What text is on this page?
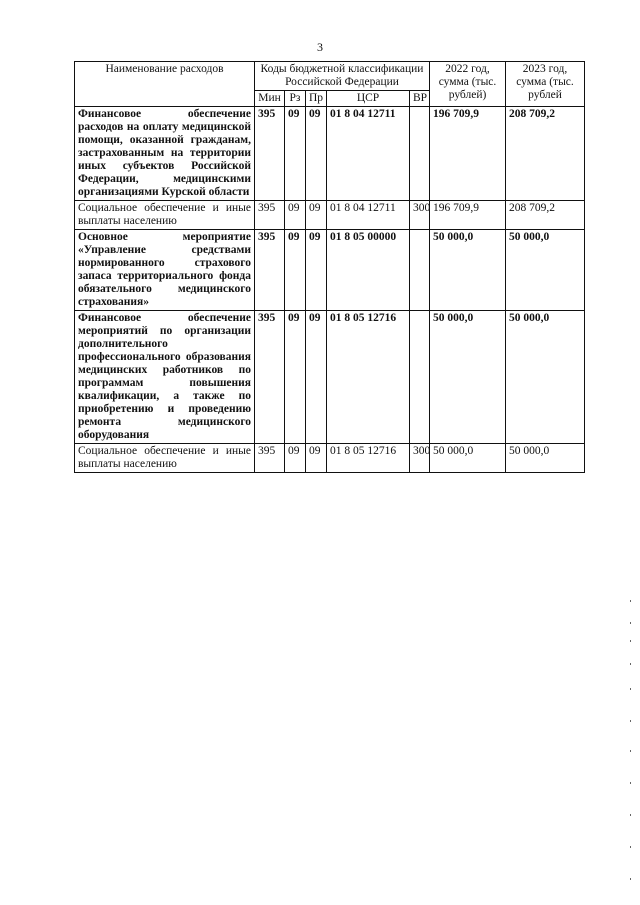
3
Наименование расходов	Коды бюджетной классификации Российской Федерации					2022 год, сумма (тыс. рублей)	2023 год, сумма (тыс. рублей
	Мин	Рз	Пр	ЦСР	ВР		
Финансовое обеспечение расходов на оплату медицинской помощи, оказанной гражданам, застрахованным на территории иных субъектов Российской Федерации, медицинскими организациями Курской области	395	09	09	01 8 04 12711		196 709,9	208 709,2
Социальное обеспечение и иные выплаты населению	395	09	09	01 8 04 12711	300	196 709,9	208 709,2
Основное мероприятие «Управление средствами нормированного страхового запаса территориального фонда обязательного медицинского страхования»	395	09	09	01 8 05 00000		50 000,0	50 000,0
Финансовое обеспечение мероприятий по организации дополнительного профессионального образования медицинских работников по программам повышения квалификации, а также по приобретению и проведению ремонта медицинского оборудования	395	09	09	01 8 05 12716		50 000,0	50 000,0
Социальное обеспечение и иные выплаты населению	395	09	09	01 8 05 12716	300	50 000,0	50 000,0
